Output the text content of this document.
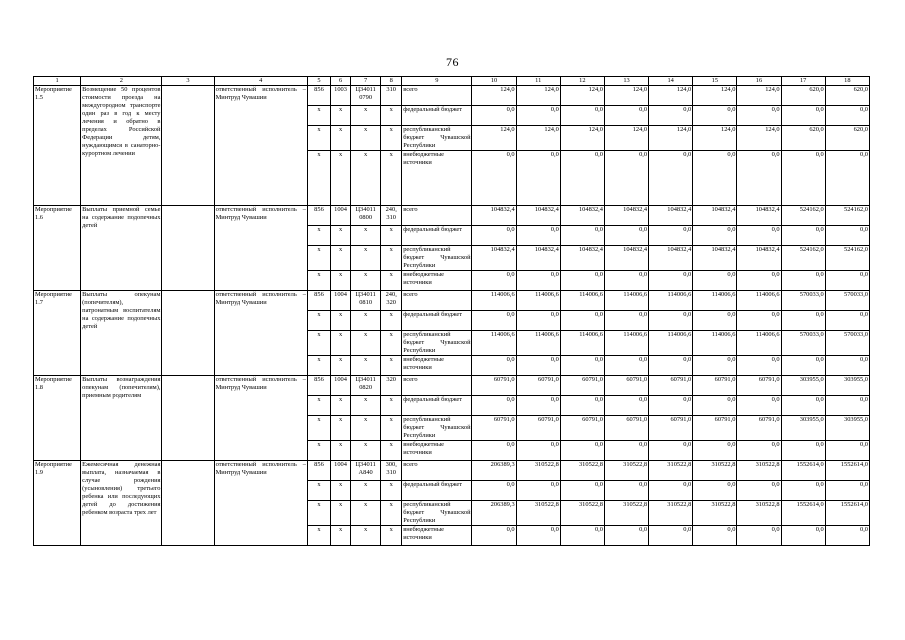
76
1	2	3	4	5	6	7	8	9	10	11	12	13	14	15	16	17	18
Мероприятие 1.5	Возмещение 50 процентов стоимости проезда на междугородном транспорте один раз в год к месту лечения и обратно в пределах Российской Федерации детям, нуждающимся в санаторно-курортном лечении		ответственный исполнитель – Минтруд Чувашии	856	1003	Ц34011 0790	310	всего	124,0	124,0	124,0	124,0	124,0	124,0	124,0	620,0	620,0
				x	x	x	x	федеральный бюджет	0,0	0,0	0,0	0,0	0,0	0,0	0,0	0,0	0,0
				x	x	x	x	республиканский бюджет Чувашской Республики	124,0	124,0	124,0	124,0	124,0	124,0	124,0	620,0	620,0
				x	x	x	x	внебюджетные источники	0,0	0,0	0,0	0,0	0,0	0,0	0,0	0,0	0,0
Мероприятие 1.6	Выплаты приемной семье на содержание подопечных детей		ответственный исполнитель – Минтруд Чувашии	856	1004	Ц34011 0800	240, 310	всего	104832,4	104832,4	104832,4	104832,4	104832,4	104832,4	104832,4	524162,0	524162,0
				x	x	x	x	федеральный бюджет	0,0	0,0	0,0	0,0	0,0	0,0	0,0	0,0	0,0
				x	x	x	x	республиканский бюджет Чувашской Республики	104832,4	104832,4	104832,4	104832,4	104832,4	104832,4	104832,4	524162,0	524162,0
				x	x	x	x	внебюджетные источники	0,0	0,0	0,0	0,0	0,0	0,0	0,0	0,0	0,0
Мероприятие 1.7	Выплаты опекунам (попечителям), патронатным воспитателям на содержание подопечных детей		ответственный исполнитель – Минтруд Чувашии	856	1004	Ц34011 0810	240, 320	всего	114006,6	114006,6	114006,6	114006,6	114006,6	114006,6	114006,6	570033,0	570033,0
				x	x	x	x	федеральный бюджет	0,0	0,0	0,0	0,0	0,0	0,0	0,0	0,0	0,0
				x	x	x	x	республиканский бюджет Чувашской Республики	114006,6	114006,6	114006,6	114006,6	114006,6	114006,6	114006,6	570033,0	570033,0
				x	x	x	x	внебюджетные источники	0,0	0,0	0,0	0,0	0,0	0,0	0,0	0,0	0,0
Мероприятие 1.8	Выплаты вознаграждения опекунам (попечителям), приемным родителям		ответственный исполнитель – Минтруд Чувашии	856	1004	Ц34011 0820	320	всего	60791,0	60791,0	60791,0	60791,0	60791,0	60791,0	60791,0	303955,0	303955,0
				x	x	x	x	федеральный бюджет	0,0	0,0	0,0	0,0	0,0	0,0	0,0	0,0	0,0
				x	x	x	x	республиканский бюджет Чувашской Республики	60791,0	60791,0	60791,0	60791,0	60791,0	60791,0	60791,0	303955,0	303955,0
				x	x	x	x	внебюджетные источники	0,0	0,0	0,0	0,0	0,0	0,0	0,0	0,0	0,0
Мероприятие 1.9	Ежемесячная денежная выплата, назначаемая в случае рождения (усыновления) третьего ребенка или последующих детей до достижения ребенком возраста трех лет		ответственный исполнитель – Минтруд Чувашии	856	1004	Ц34011 А840	300, 310	всего	206389,3	310522,8	310522,8	310522,8	310522,8	310522,8	310522,8	1552614,0	1552614,0
				x	x	x	x	федеральный бюджет	0,0	0,0	0,0	0,0	0,0	0,0	0,0	0,0	0,0
				x	x	x	x	республиканский бюджет Чувашской Республики	206389,3	310522,8	310522,8	310522,8	310522,8	310522,8	310522,8	1552614,0	1552614,0
				x	x	x	x	внебюджетные источники	0,0	0,0	0,0	0,0	0,0	0,0	0,0	0,0	0,0
